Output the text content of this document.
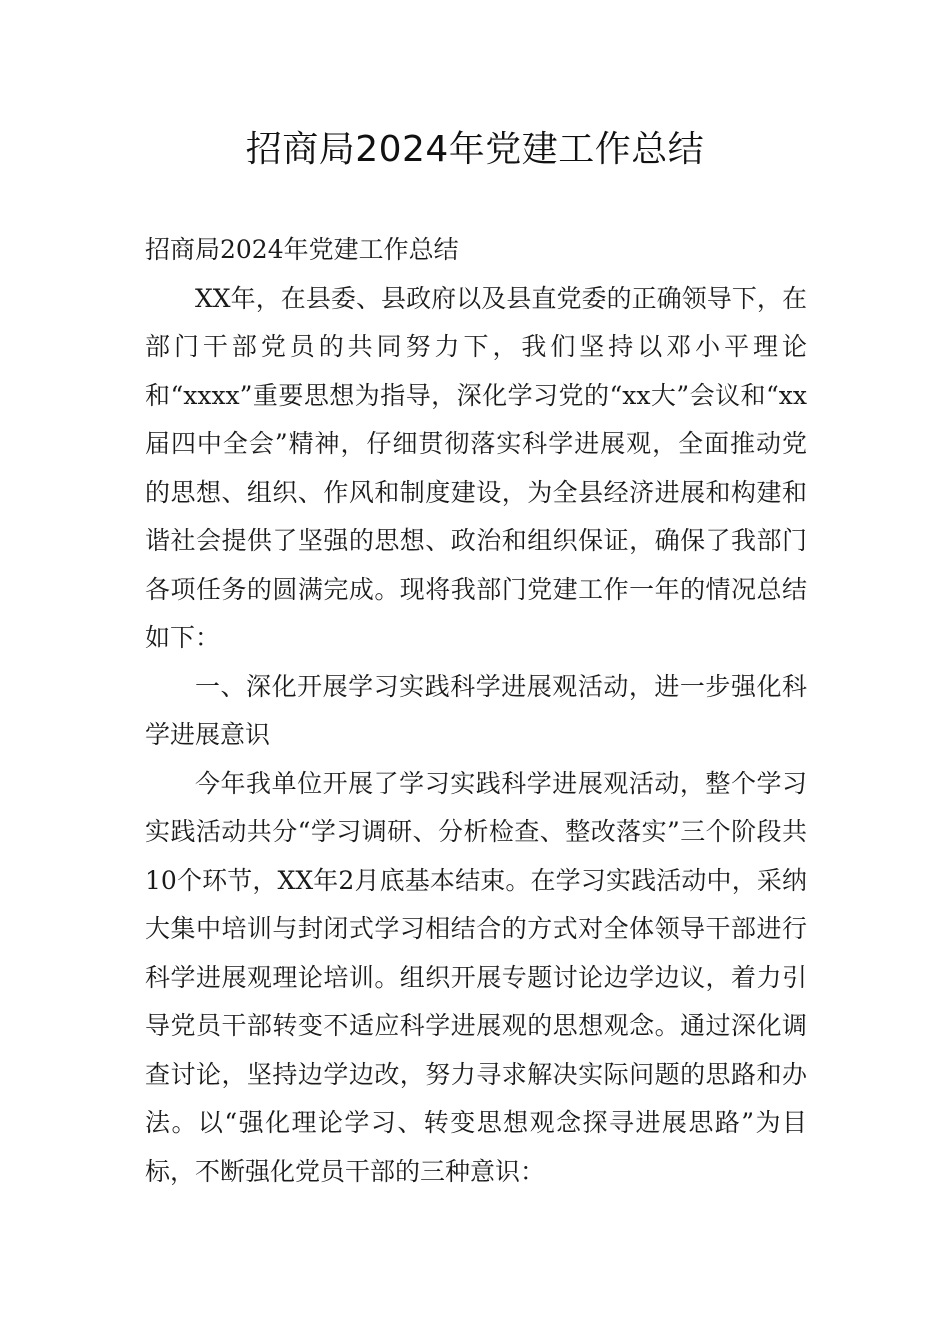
招商局2024年党建工作总结

招商局2024年党建工作总结

XX年，在县委、县政府以及县直党委的正确领导下，在部门干部党员的共同努力下，我们坚持以邓小平理论和“xxxx”重要思想为指导，深化学习党的“xx大”会议和“xx届四中全会”精神，仔细贯彻落实科学进展观，全面推动党的思想、组织、作风和制度建设，为全县经济进展和构建和谐社会提供了坚强的思想、政治和组织保证，确保了我部门各项任务的圆满完成。现将我部门党建工作一年的情况总结如下：

一、深化开展学习实践科学进展观活动，进一步强化科学进展意识

今年我单位开展了学习实践科学进展观活动，整个学习实践活动共分“学习调研、分析检查、整改落实”三个阶段共10个环节，XX年2月底基本结束。在学习实践活动中，采纳大集中培训与封闭式学习相结合的方式对全体领导干部进行科学进展观理论培训。组织开展专题讨论边学边议，着力引导党员干部转变不适应科学进展观的思想观念。通过深化调查讨论，坚持边学边改，努力寻求解决实际问题的思路和办法。以“强化理论学习、转变思想观念探寻进展思路”为目标，不断强化党员干部的三种意识：
